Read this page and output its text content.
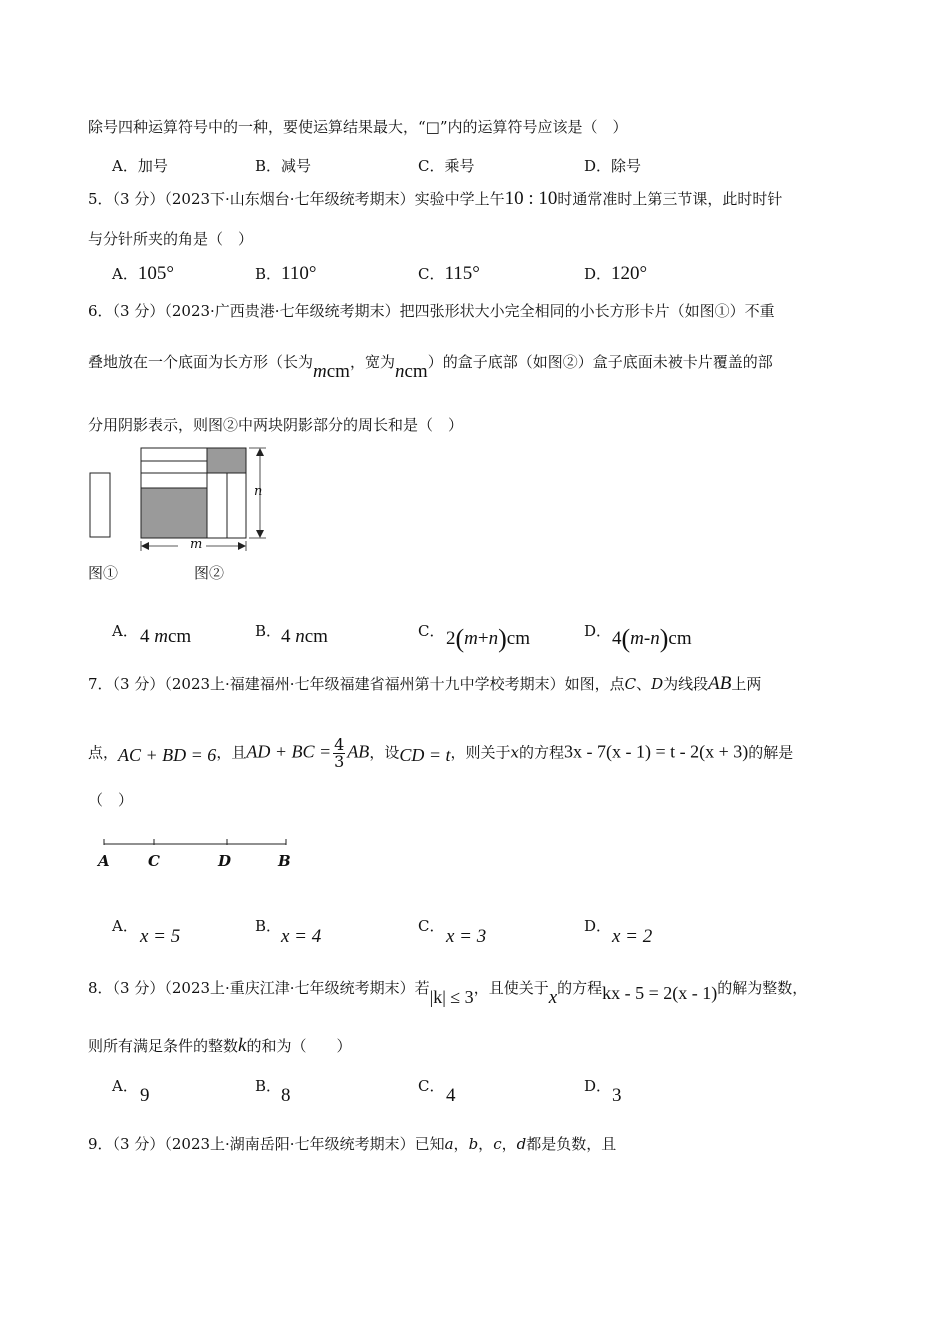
除号四种运算符号中的一种，要使运算结果最大，“□”内的运算符号应该是（　）
A．加号	B．减号	C．乘号	D．除号
5．（3 分）（2023下·山东烟台·七年级统考期末）实验中学上午10 : 10时通常准时上第三节课，此时时针
与分针所夹的角是（　）
A．105°	B．110°	C．115°	D．120°
6．（3 分）（2023·广西贵港·七年级统考期末）把四张形状大小完全相同的小长方形卡片（如图①）不重
叠地放在一个底面为长方形（长为mcm，宽为ncm）的盒子底部（如图②）盒子底面未被卡片覆盖的部
分用阴影表示，则图②中两块阴影部分的周长和是（　）
n
m
图①	图②
A． 4 mcm	B． 4 ncm	C． 2(m+n)cm	D． 4(m-n)cm
7．（3 分）（2023上·福建福州·七年级福建省福州第十九中学校考期末）如图，点C、D为线段AB上两
点，AC + BD = 6，且AD + BC = $\frac{4}{3}$ AB，设CD = t，则关于x的方程3x - 7(x - 1) = t - 2(x + 3)的解是
（　）
A	C	D	B
A． x = 5	B． x = 4	C． x = 3	D． x = 2
8．（3 分）（2023上·重庆江津·七年级统考期末）若|k| ≤ 3，且使关于x的方程kx - 5 = 2(x - 1)的解为整数，
则所有满足条件的整数k的和为（　　）
A． 9	B． 8	C． 4	D． 3
9．（3 分）（2023上·湖南岳阳·七年级统考期末）已知a，b，c，d都是负数，且
